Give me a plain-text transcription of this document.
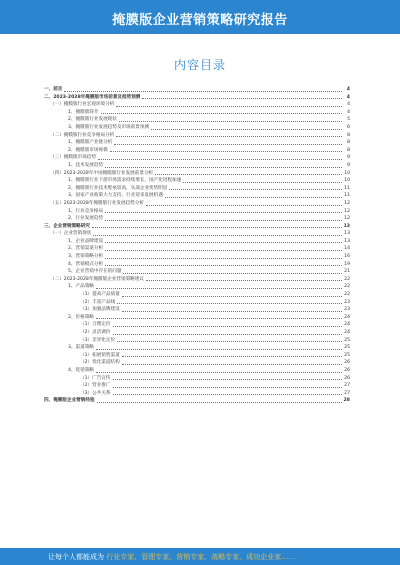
掩膜版企业营销策略研究报告
内容目录
一、前言	4
二、2023-2028年掩膜版市场前景及趋势预测	4
（一）掩膜版行业宏观环境分析	4
1、掩膜版简介	4
2、掩膜版行业发展现状	5
3、掩膜版行业发展趋势及市场前景预测	6
（二）掩膜版行业竞争格局分析	8
1、掩膜版产业链分析	8
2、掩膜版市场规模	8
（三）掩膜版市场趋势	9
1、技术发展趋势	9
（四）2023-2028年中国掩膜版行业发展前景分析	10
1、掩膜版行业下游市场需求持续增长，国产化进程加速	10
2、掩膜版行业技术壁垒较高，头部企业优势明显	11
3、国家产业政策大力支持，行业迎来发展机遇	11
（五）2023-2028年掩膜版行业发展趋势分析	12
1、行业竞争格局	12
2、行业发展趋势	12
三、企业营销策略研究	13
（一）企业营销现状	13
1、企业品牌建设	13
2、营销渠道分析	14
3、营销策略分析	16
4、营销模式分析	19
5、企业营销中存在的问题	21
（二）2023-2028年掩膜版企业营销策略建议	22
1、产品策略	22
（1）提高产品质量	22
（2）丰富产品线	23
（3）加强品牌建设	23
2、价格策略	24
（1）合理定价	24
（2）灵活调价	24
（3）差异化定价	25
3、渠道策略	25
（1）拓展销售渠道	25
（2）优化渠道结构	26
4、促销策略	26
（1）广告宣传	26
（2）营业推广	27
（3）公共关系	27
四、掩膜版企业营销经验	28
让每个人都能成为 行业专家、管理专家、营销专家、战略专家、成功企业家……
